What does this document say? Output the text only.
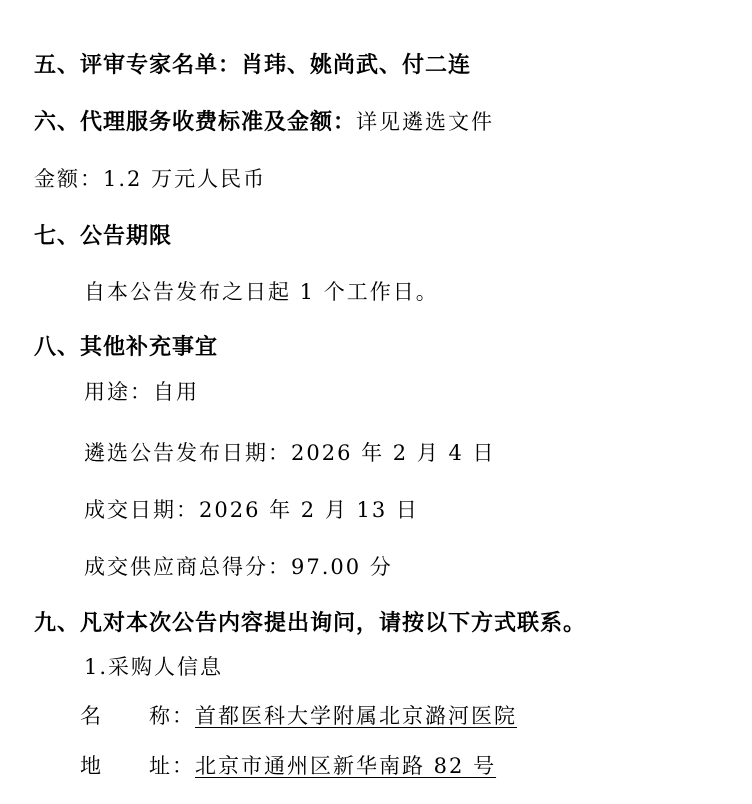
五、评审专家名单：肖玮、姚尚武、付二连
六、代理服务收费标准及金额：详见遴选文件
金额：1.2 万元人民币
七、公告期限
自本公告发布之日起 1 个工作日。
八、其他补充事宜
用途：自用
遴选公告发布日期：2026 年 2 月 4 日
成交日期：2026 年 2 月 13 日
成交供应商总得分：97.00 分
九、凡对本次公告内容提出询问，请按以下方式联系。
1.采购人信息
名 称：首都医科大学附属北京潞河医院
地 址：北京市通州区新华南路 82 号
